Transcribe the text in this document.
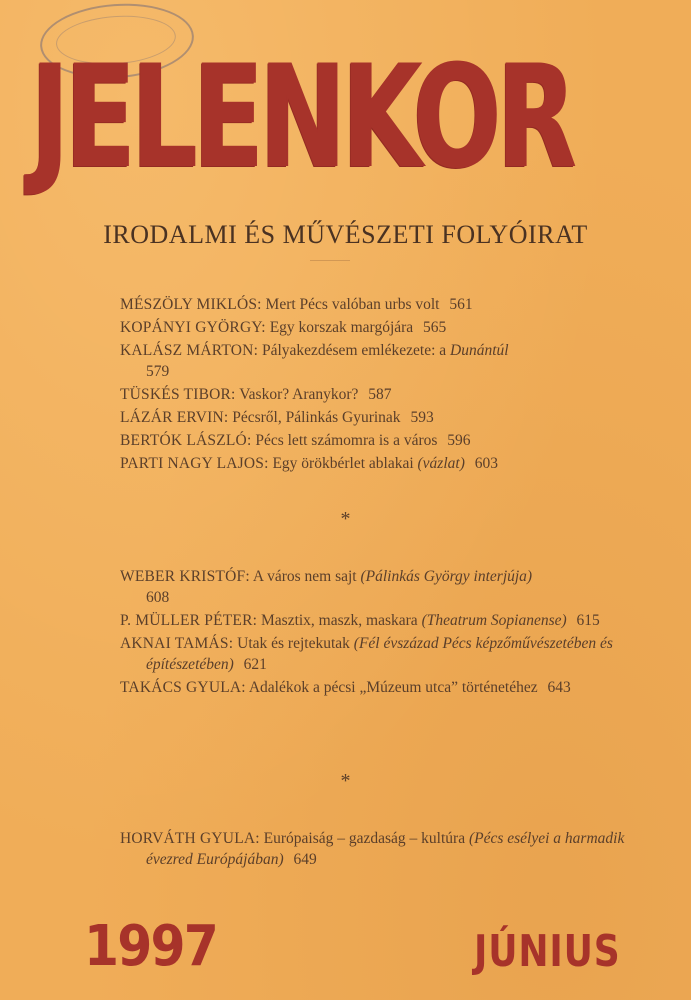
JELENKOR
IRODALMI ÉS MŰVÉSZETI FOLYÓIRAT
MÉSZÖLY MIKLÓS: Mert Pécs valóban urbs volt 561
KOPÁNYI GYÖRGY: Egy korszak margójára 565
KALÁSZ MÁRTON: Pályakezdésem emlékezete: a Dunántúl
579
TÜSKÉS TIBOR: Vaskor? Aranykor? 587
LÁZÁR ERVIN: Pécsről, Pálinkás Gyurinak 593
BERTÓK LÁSZLÓ: Pécs lett számomra is a város 596
PARTI NAGY LAJOS: Egy örökbérlet ablakai (vázlat) 603
*
WEBER KRISTÓF: A város nem sajt (Pálinkás György interjúja)
608
P. MÜLLER PÉTER: Masztix, maszk, maskara (Theatrum Sopianense) 615
AKNAI TAMÁS: Utak és rejtekutak (Fél évszázad Pécs képzőművészetében és építészetében) 621
TAKÁCS GYULA: Adalékok a pécsi „Múzeum utca” történetéhez 643
*
HORVÁTH GYULA: Európaiság – gazdaság – kultúra (Pécs esélyei a harmadik évezred Európájában) 649
1997	JÚNIUS
